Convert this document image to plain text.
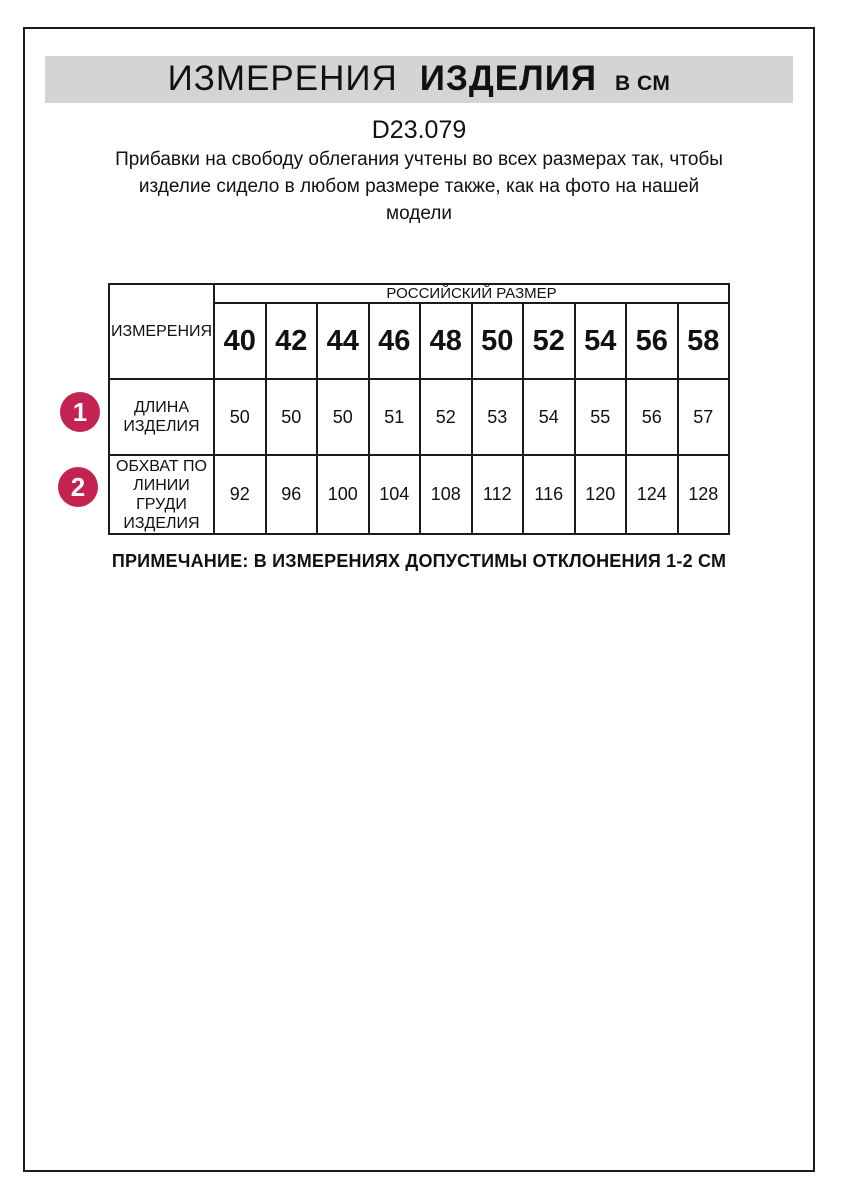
ИЗМЕРЕНИЯ ИЗДЕЛИЯ В СМ
D23.079
Прибавки на свободу облегания учтены во всех размерах так, чтобы изделие сидело в любом размере также, как на фото на нашей модели
1
2
ИЗМЕРЕНИЯ	РОССИЙСКИЙ РАЗМЕР									
	40	42	44	46	48	50	52	54	56	58
ДЛИНА ИЗДЕЛИЯ	50	50	50	51	52	53	54	55	56	57
ОБХВАТ ПО ЛИНИИ ГРУДИ ИЗДЕЛИЯ	92	96	100	104	108	112	116	120	124	128
ПРИМЕЧАНИЕ: В ИЗМЕРЕНИЯХ ДОПУСТИМЫ ОТКЛОНЕНИЯ 1-2 СМ
